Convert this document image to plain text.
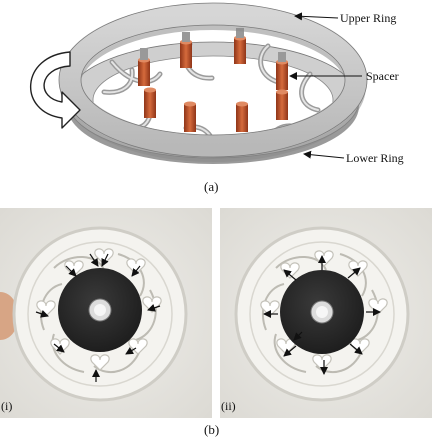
Upper Ring
Spacer
Lower Ring
(a)
(i)	(ii)
(b)
